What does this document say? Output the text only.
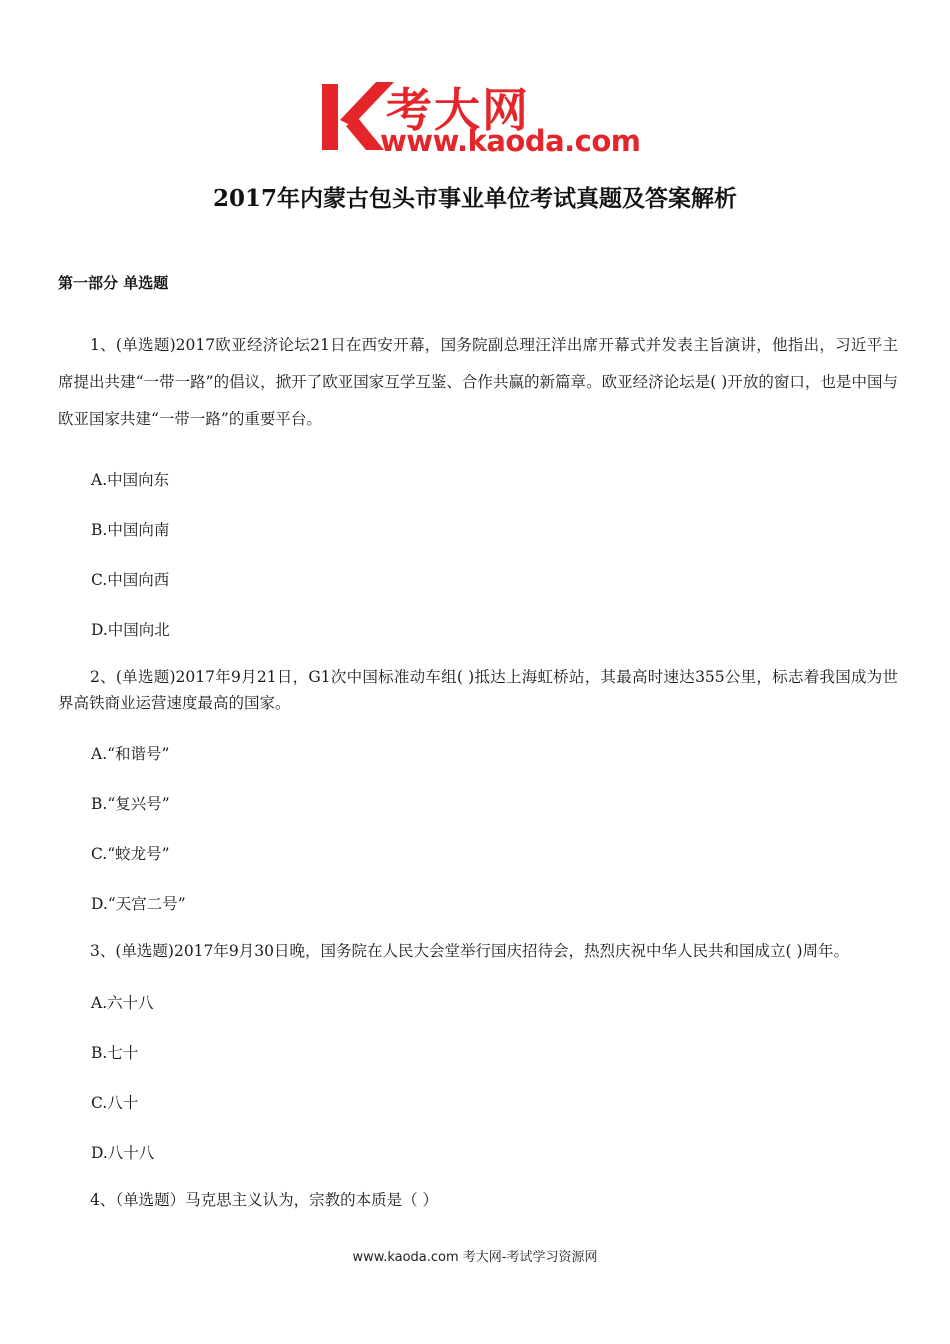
考大网
www.kaoda.com
2017年内蒙古包头市事业单位考试真题及答案解析
第一部分 单选题
1、(单选题)2017欧亚经济论坛21日在西安开幕，国务院副总理汪洋出席开幕式并发表主旨演讲，他指出，习近平主席提出共建“一带一路”的倡议，掀开了欧亚国家互学互鉴、合作共赢的新篇章。欧亚经济论坛是( )开放的窗口，也是中国与欧亚国家共建“一带一路”的重要平台。
A.中国向东
B.中国向南
C.中国向西
D.中国向北
2、(单选题)2017年9月21日，G1次中国标准动车组( )抵达上海虹桥站，其最高时速达355公里，标志着我国成为世界高铁商业运营速度最高的国家。
A.“和谐号”
B.“复兴号”
C.“蛟龙号”
D.“天宫二号”
3、(单选题)2017年9月30日晚，国务院在人民大会堂举行国庆招待会，热烈庆祝中华人民共和国成立( )周年。
A.六十八
B.七十
C.八十
D.八十八
4、（单选题）马克思主义认为，宗教的本质是（ ）
www.kaoda.com 考大网-考试学习资源网
